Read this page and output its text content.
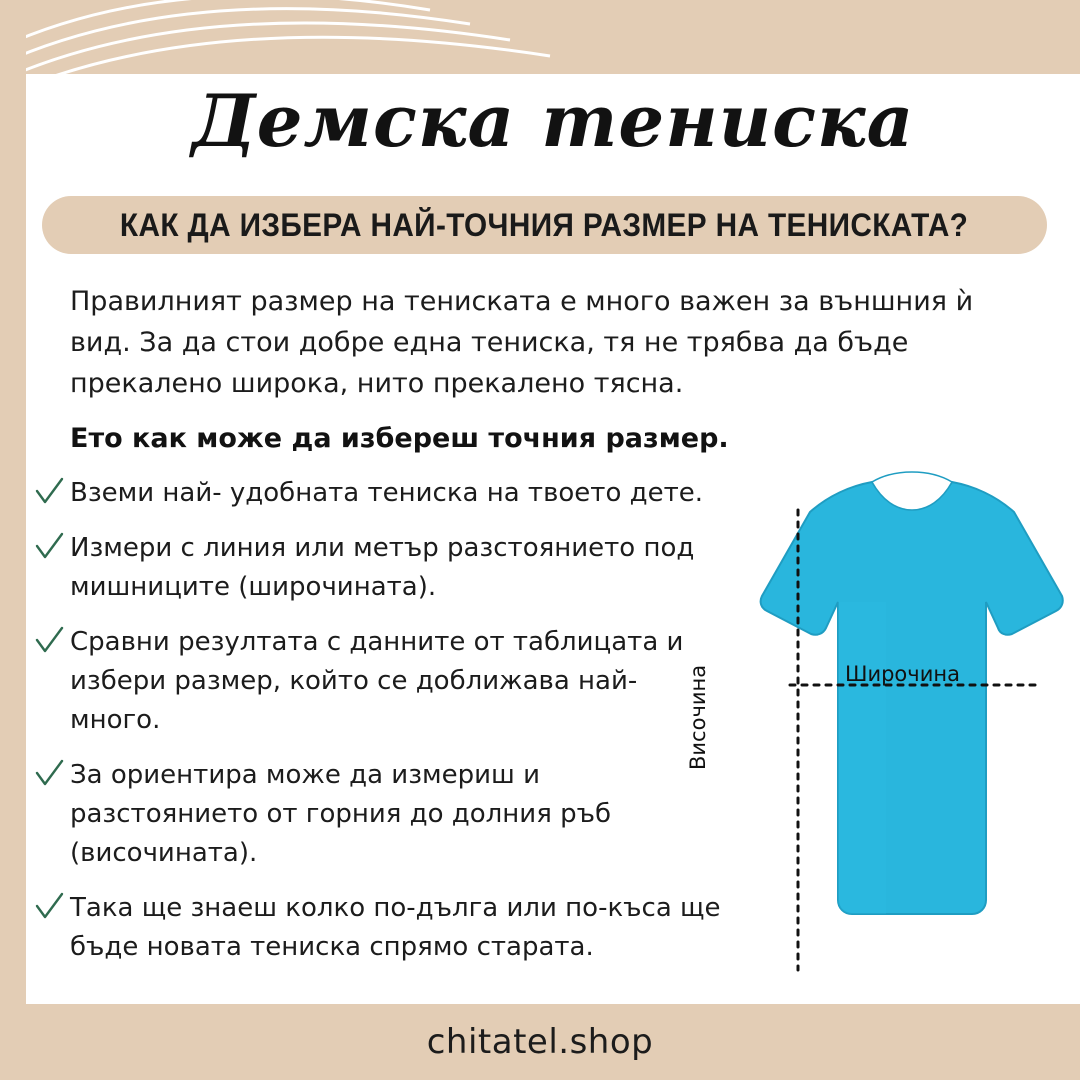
Демска тениска
КАК ДА ИЗБЕРА НАЙ-ТОЧНИЯ РАЗМЕР НА ТЕНИСКАТА?
Правилният размер на тениската е много важен за външния ѝ вид. За да стои добре една тениска, тя не трябва да бъде прекалено широка, нито прекалено тясна.
Ето как може да избереш точния размер.
Вземи най- удобната тениска на твоето дете.
Измери с линия или метър разстоянието под мишниците (широчината).
Сравни резултата с данните от таблицата и избери размер, който се доближава най-много.
За ориентира може да измериш и разстоянието от горния до долния ръб (височината).
Така ще знаеш колко по-дълга или по-къса ще бъде новата тениска спрямо старата.
Широчина
Височина
chitatel.shop
